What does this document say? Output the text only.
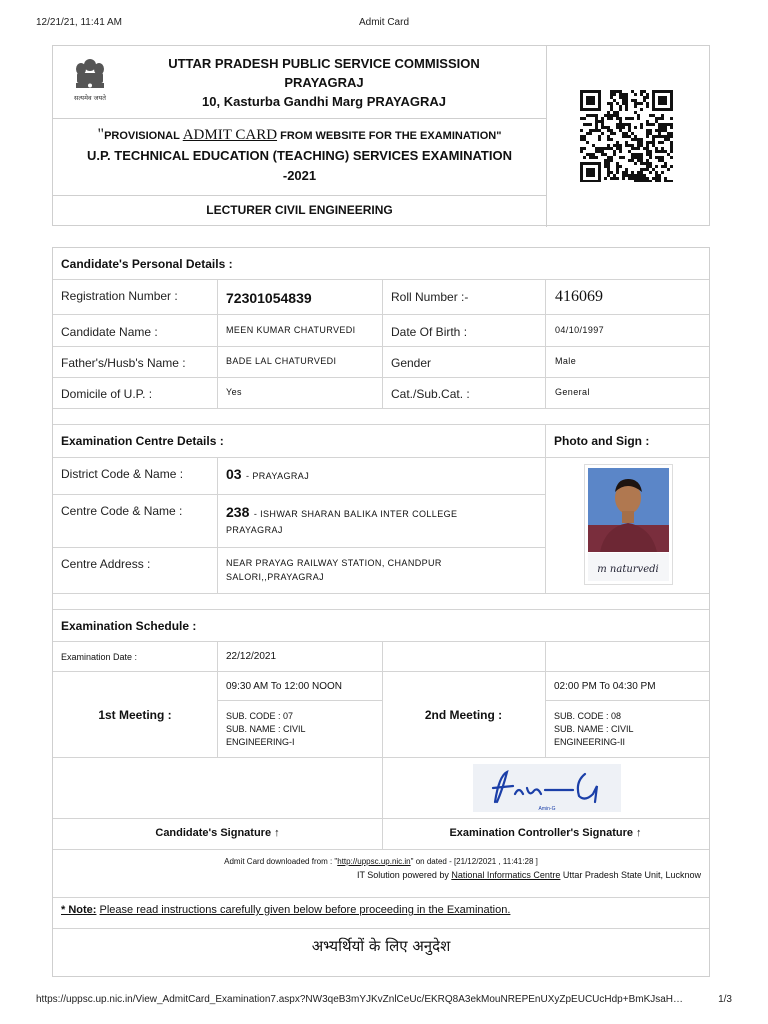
12/21/21, 11:41 AM	Admit Card
सत्यमेव जयते
UTTAR PRADESH PUBLIC SERVICE COMMISSION
PRAYAGRAJ
10, Kasturba Gandhi Marg PRAYAGRAJ
"PROVISIONAL ADMIT CARD FROM WEBSITE FOR THE EXAMINATION"
U.P. TECHNICAL EDUCATION (TEACHING) SERVICES EXAMINATION
-2021
LECTURER CIVIL ENGINEERING
Candidate's Personal Details :
Registration Number :	72301054839	Roll Number :-	416069
Candidate Name :	MEEN KUMAR CHATURVEDI	Date Of Birth :	04/10/1997
Father's/Husb's Name :	BADE LAL CHATURVEDI	Gender	Male
Domicile of U.P. :	Yes	Cat./Sub.Cat. :	General
Examination Centre Details :	Photo and Sign :
District Code & Name :	03 - PRAYAGRAJ
Centre Code & Name :	238 - ISHWAR SHARAN BALIKA INTER COLLEGE
PRAYAGRAJ
Centre Address :	NEAR PRAYAG RAILWAY STATION, CHANDPUR
SALORI,,PRAYAGRAJ
m naturvedi
Examination Schedule :
Examination Date :	22/12/2021
1st Meeting :
09:30 AM To 12:00 NOON
SUB. CODE : 07
SUB. NAME : CIVIL
ENGINEERING-I
2nd Meeting :
02:00 PM To 04:30 PM
SUB. CODE : 08
SUB. NAME : CIVIL
ENGINEERING-II
Amin-G
Candidate's Signature ↑	Examination Controller's Signature ↑
Admit Card downloaded from : "http://uppsc.up.nic.in" on dated - [21/12/2021 , 11:41:28 ]
IT Solution powered by National Informatics Centre Uttar Pradesh State Unit, Lucknow
* Note: Please read instructions carefully given below before proceeding in the Examination.
अभ्यर्थियों के लिए अनुदेश
https://uppsc.up.nic.in/View_AdmitCard_Examination7.aspx?NW3qeB3mYJKvZnlCeUc/EKRQ8A3ekMouNREPEnUXyZpEUCUcHdp+BmKJsaH…	1/3
